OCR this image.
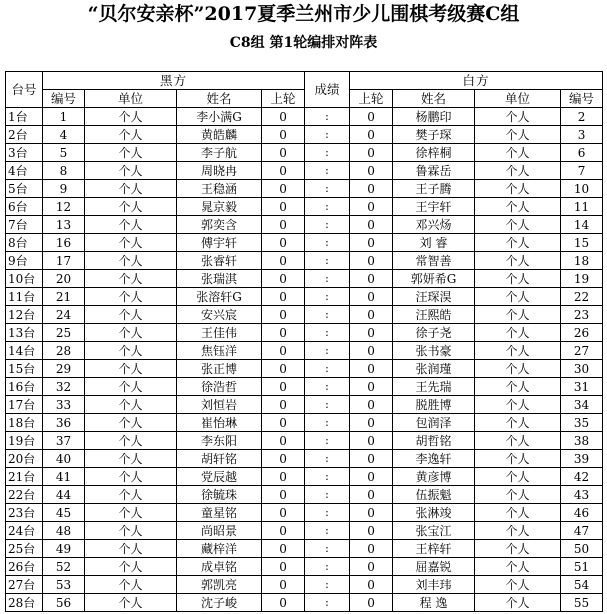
“贝尔安亲杯”2017夏季兰州市少儿围棋考级赛C组
C8组 第1轮编排对阵表
台号	黑方				成绩	白方			
	编号	单位	姓名	上轮		上轮	姓名	单位	编号
1台	1	个人	李小满G	0	:	0	杨鹏印	个人	2
2台	4	个人	黄皓麟	0	:	0	樊子琛	个人	3
3台	5	个人	李子航	0	:	0	徐梓桐	个人	6
4台	8	个人	周晓冉	0	:	0	鲁霖岳	个人	7
5台	9	个人	王稳涵	0	:	0	王子腾	个人	10
6台	12	个人	晁京毅	0	:	0	王宇轩	个人	11
7台	13	个人	郭奕含	0	:	0	邓兴炀	个人	14
8台	16	个人	傅宇轩	0	:	0	刘 睿	个人	15
9台	17	个人	张睿轩	0	:	0	常智善	个人	18
10台	20	个人	张瑞淇	0	:	0	郭妍希G	个人	19
11台	21	个人	张溶轩G	0	:	0	汪琛淏	个人	22
12台	24	个人	安兴宸	0	:	0	汪熙皓	个人	23
13台	25	个人	王佳伟	0	:	0	徐子尧	个人	26
14台	28	个人	焦钰洋	0	:	0	张书豪	个人	27
15台	29	个人	张正博	0	:	0	张润瑾	个人	30
16台	32	个人	徐浩哲	0	:	0	王先瑞	个人	31
17台	33	个人	刘恒岩	0	:	0	脱胜博	个人	34
18台	36	个人	崔怡琳	0	:	0	包润泽	个人	35
19台	37	个人	李东阳	0	:	0	胡哲铭	个人	38
20台	40	个人	胡轩铭	0	:	0	李逸轩	个人	39
21台	41	个人	党辰越	0	:	0	黄彦博	个人	42
22台	44	个人	徐毓珠	0	:	0	伍振魁	个人	43
23台	45	个人	童星铭	0	:	0	张淋竣	个人	46
24台	48	个人	尚昭景	0	:	0	张宝江	个人	47
25台	49	个人	藏梓洋	0	:	0	王梓轩	个人	50
26台	52	个人	成卓铭	0	:	0	屈嘉锐	个人	51
27台	53	个人	郭凯亮	0	:	0	刘丰玮	个人	54
28台	56	个人	沈子峻	0	:	0	程 逸	个人	55
